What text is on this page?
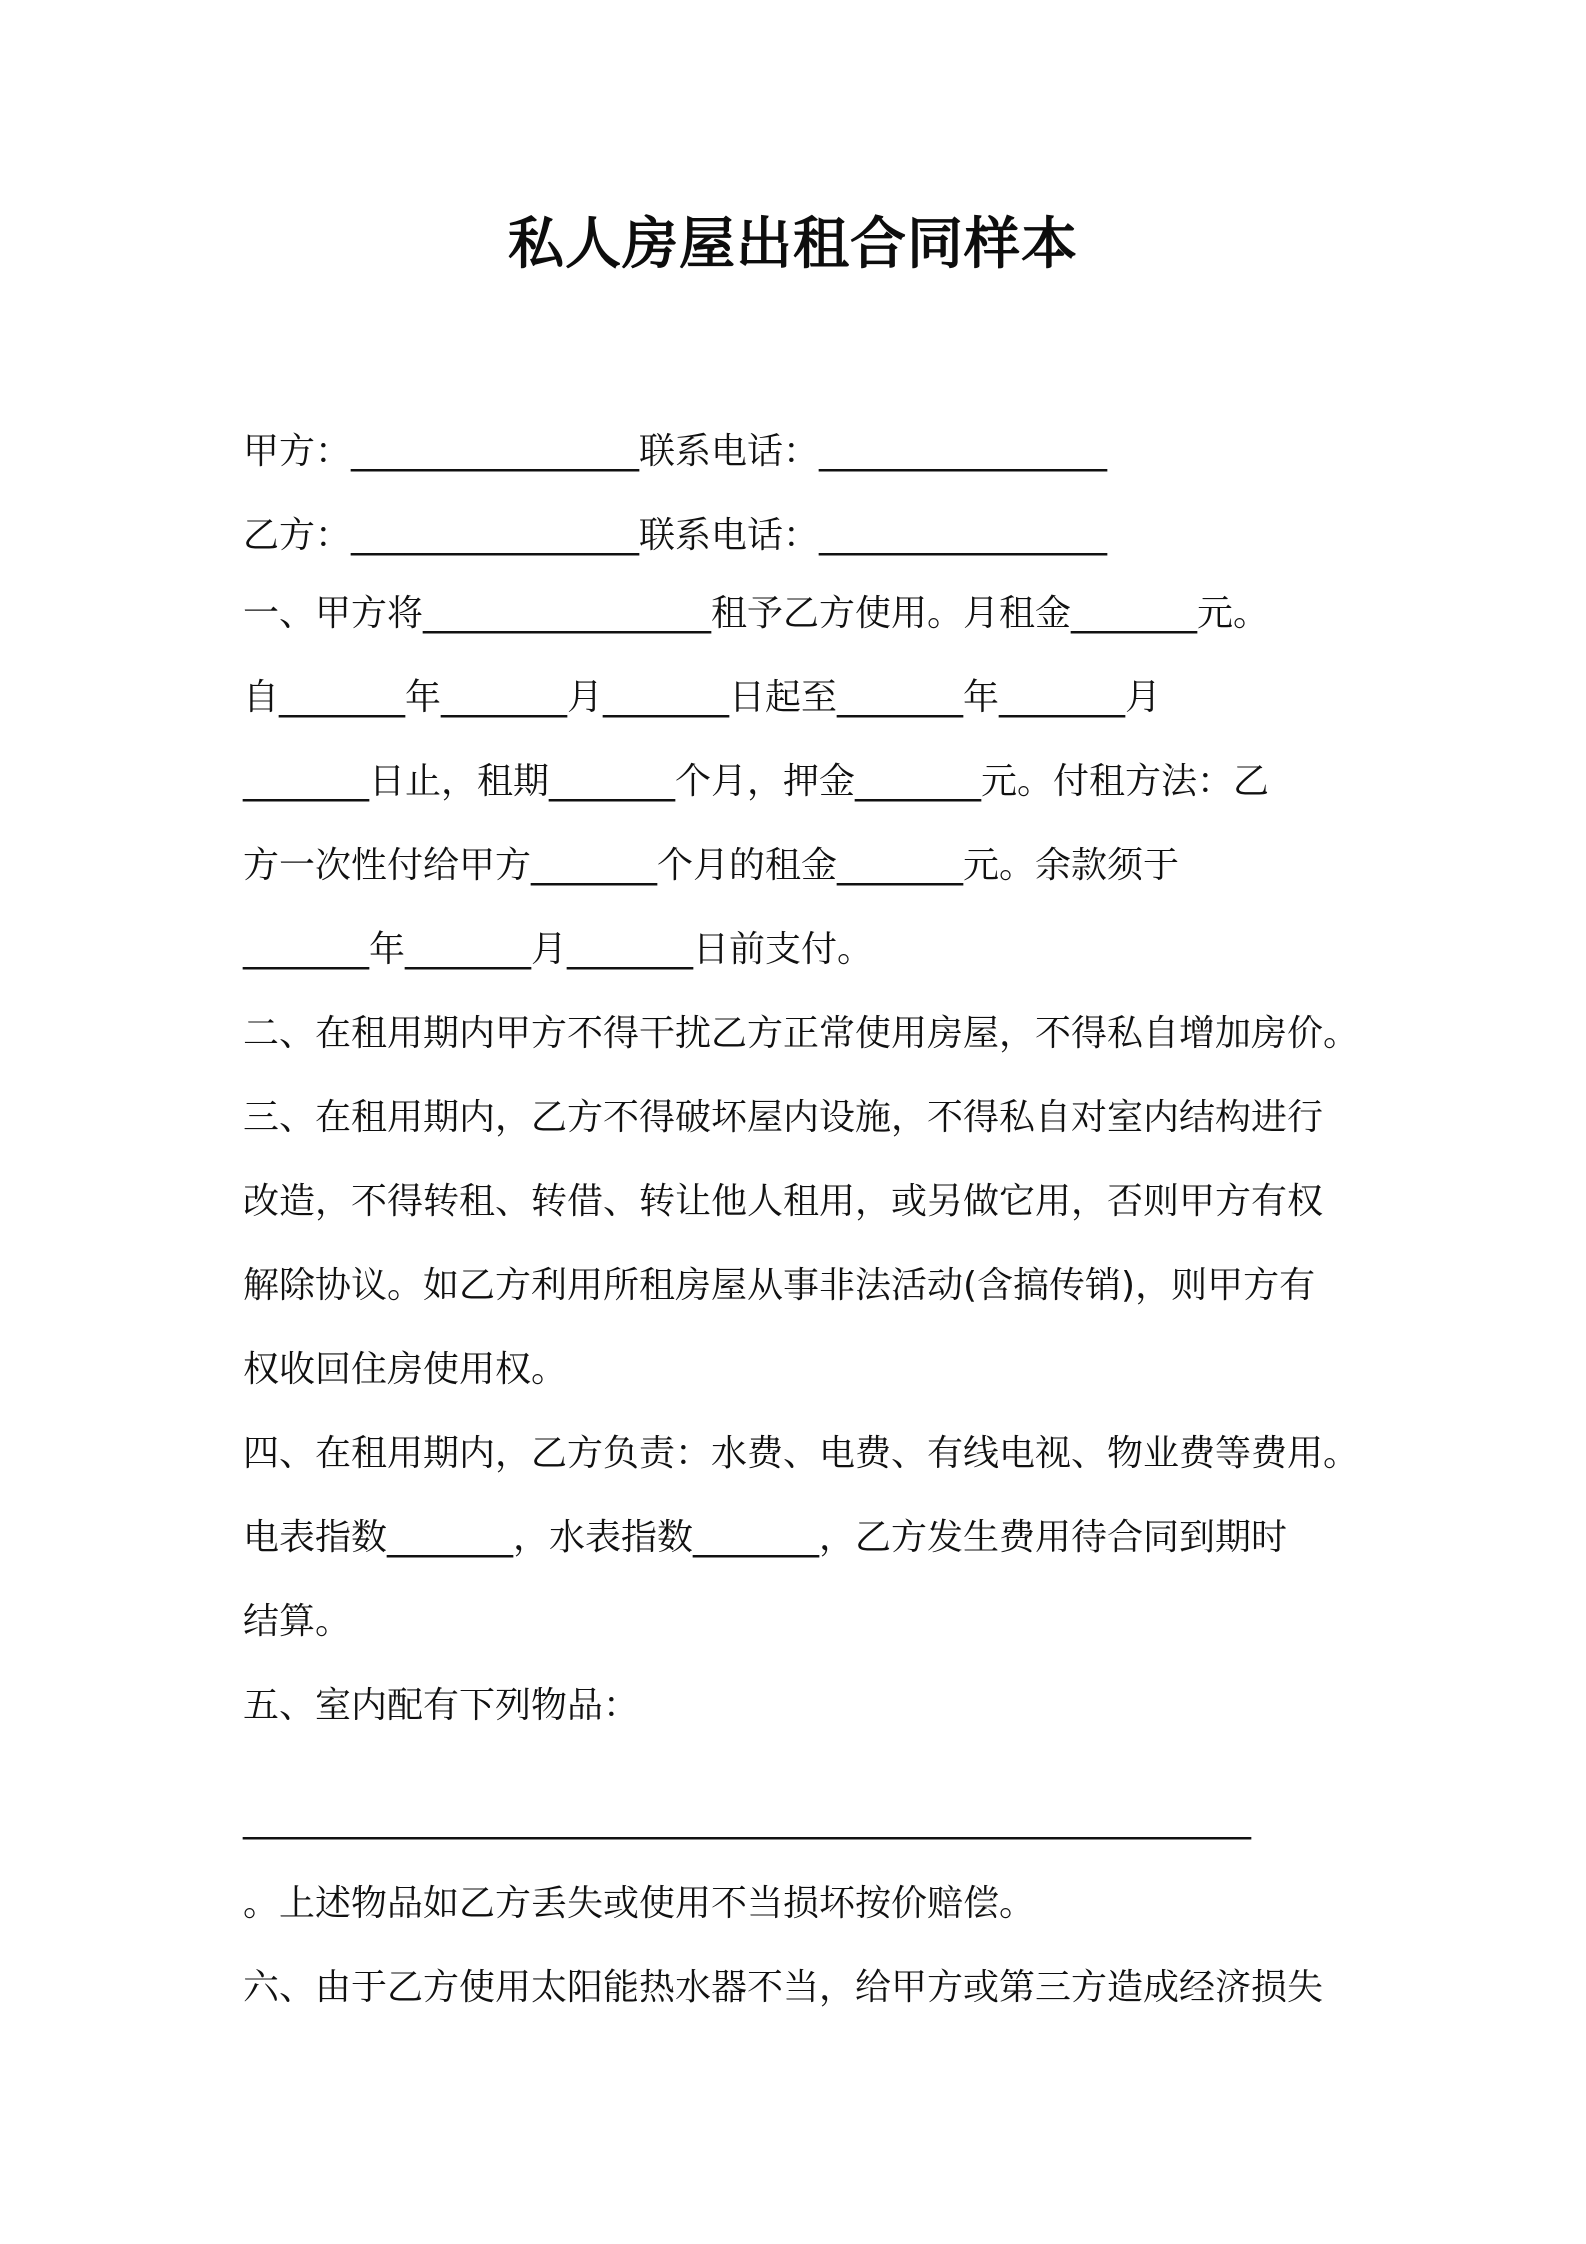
私人房屋出租合同样本
甲方：________________联系电话：________________
乙方：________________联系电话：________________
一、甲方将________________租予乙方使用。月租金_______元。
自_______年_______月_______日起至_______年_______月
_______日止，租期_______个月，押金_______元。付租方法：乙
方一次性付给甲方_______个月的租金_______元。余款须于
_______年_______月_______日前支付。
二、在租用期内甲方不得干扰乙方正常使用房屋，不得私自增加房价。
三、在租用期内，乙方不得破坏屋内设施，不得私自对室内结构进行
改造，不得转租、转借、转让他人租用，或另做它用，否则甲方有权
解除协议。如乙方利用所租房屋从事非法活动(含搞传销)，则甲方有
权收回住房使用权。
四、在租用期内，乙方负责：水费、电费、有线电视、物业费等费用。
电表指数_______，水表指数_______，乙方发生费用待合同到期时
结算。
五、室内配有下列物品：
________________________________________________________
。上述物品如乙方丢失或使用不当损坏按价赔偿。
六、由于乙方使用太阳能热水器不当，给甲方或第三方造成经济损失
